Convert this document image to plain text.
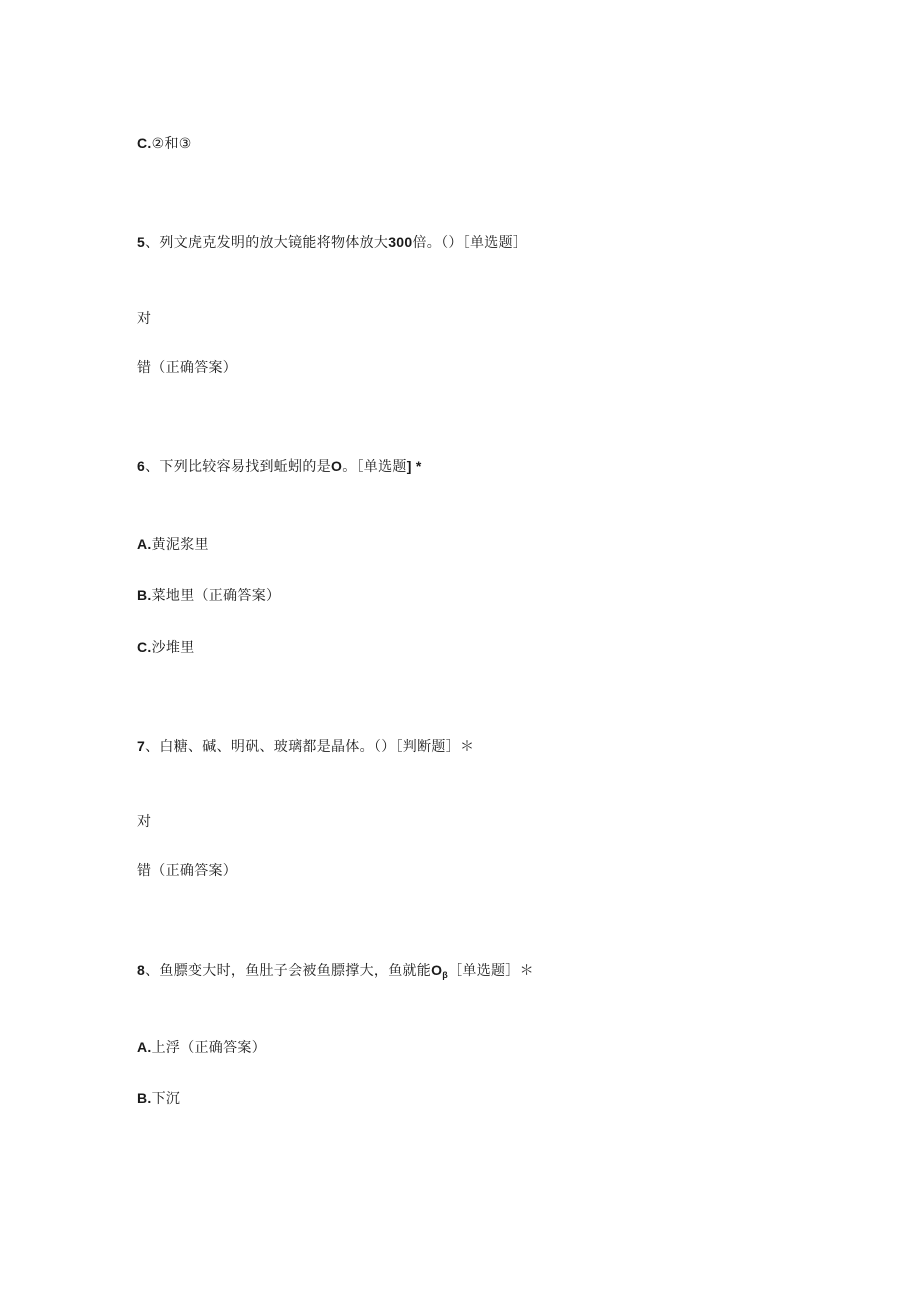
C.②和③
5、列文虎克发明的放大镜能将物体放大300倍。（）［单选题］
对
错（正确答案）
6、下列比较容易找到蚯蚓的是O。［单选题] *
A.黄泥浆里
B.菜地里（正确答案）
C.沙堆里
7、白糖、碱、明矾、玻璃都是晶体。（）［判断题］＊
对
错（正确答案）
8、鱼膘变大时，鱼肚子会被鱼膘撑大，鱼就能$O_\beta[$单选题］＊
A.上浮（正确答案）
B.下沉
